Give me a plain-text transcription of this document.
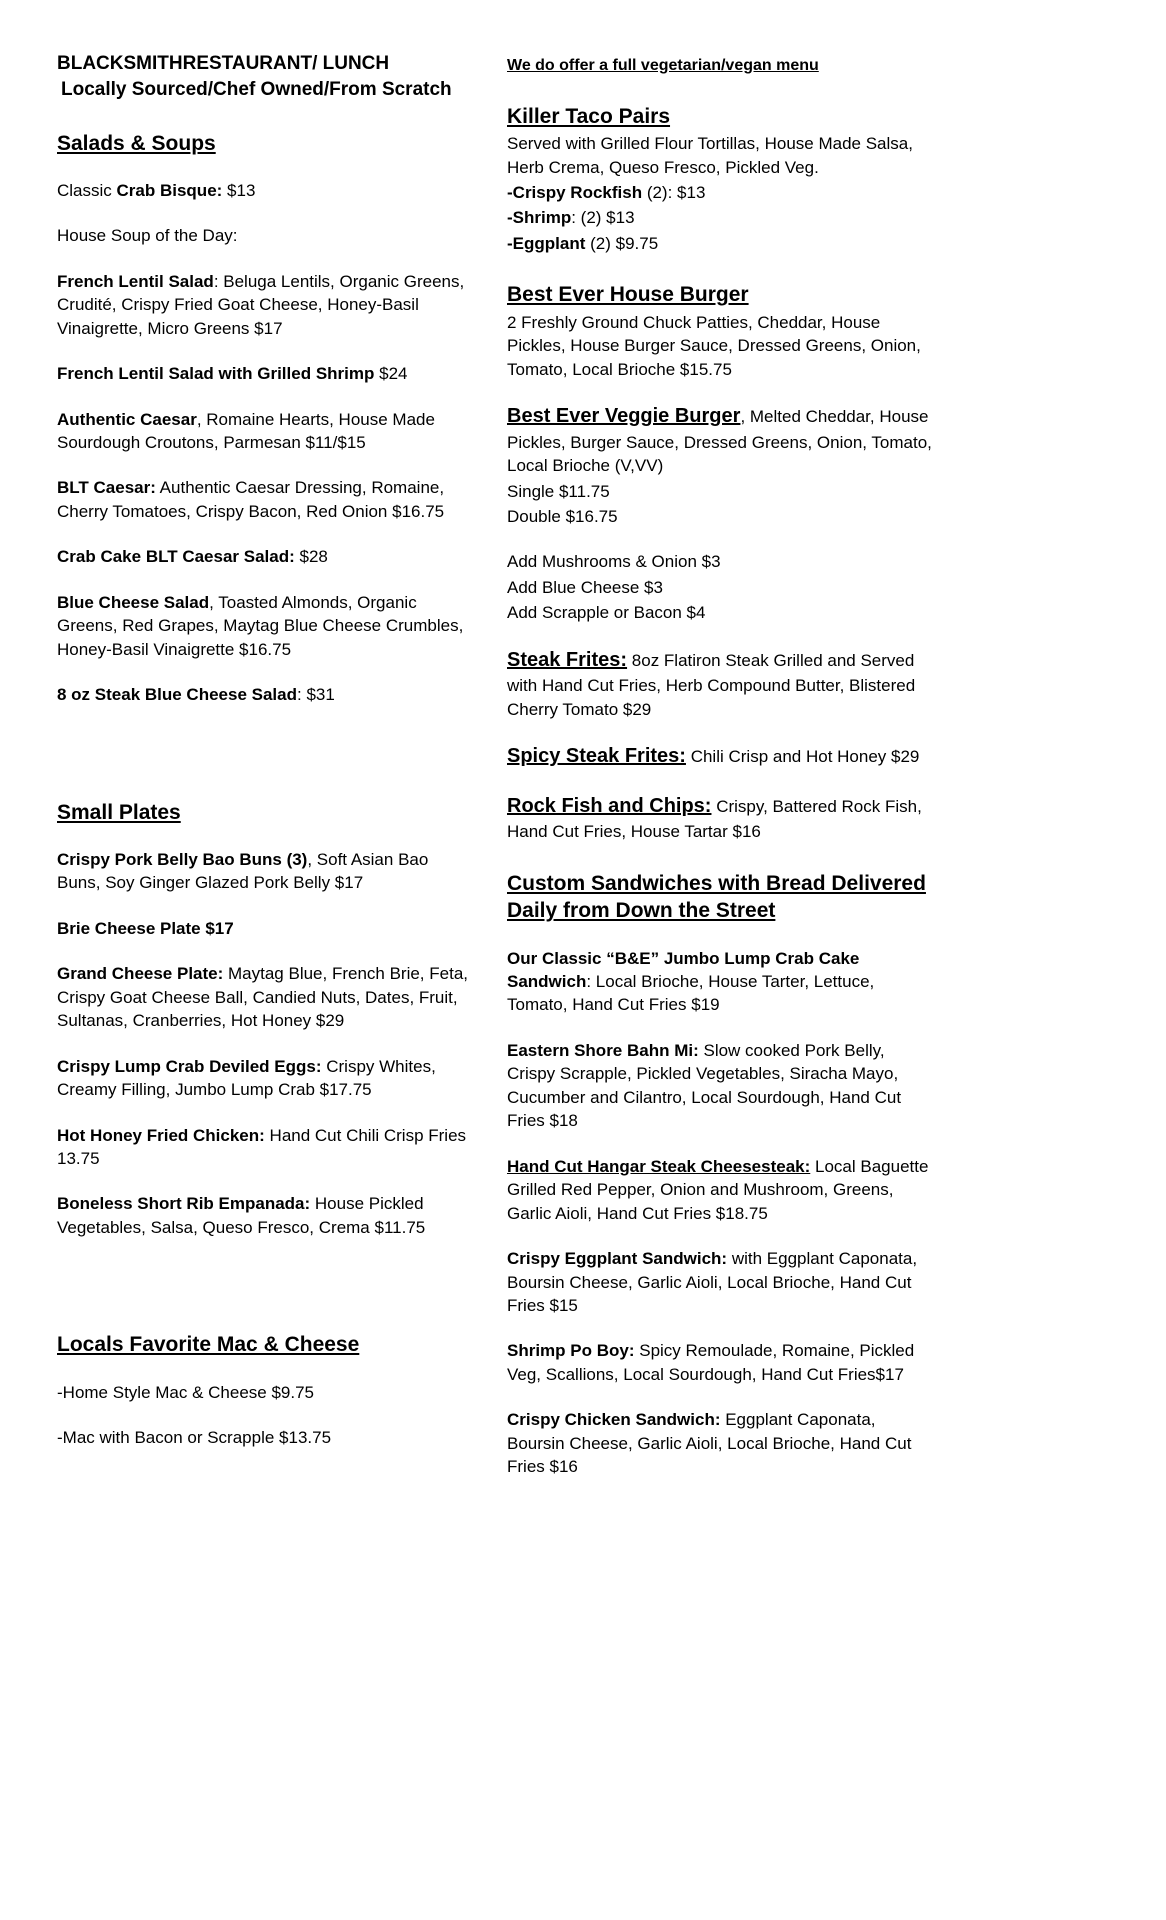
BLACKSMITHRESTAURANT/ LUNCH
Locally Sourced/Chef Owned/From Scratch
Salads & Soups

Classic Crab Bisque: $13

House Soup of the Day:

French Lentil Salad: Beluga Lentils, Organic Greens, Crudité, Crispy Fried Goat Cheese, Honey-Basil Vinaigrette, Micro Greens $17

French Lentil Salad with Grilled Shrimp $24

Authentic Caesar, Romaine Hearts, House Made Sourdough Croutons, Parmesan $11/$15

BLT Caesar: Authentic Caesar Dressing, Romaine, Cherry Tomatoes, Crispy Bacon, Red Onion $16.75

Crab Cake BLT Caesar Salad: $28

Blue Cheese Salad, Toasted Almonds, Organic Greens, Red Grapes, Maytag Blue Cheese Crumbles, Honey-Basil Vinaigrette $16.75

8 oz Steak Blue Cheese Salad: $31

Small Plates

Crispy Pork Belly Bao Buns (3), Soft Asian Bao Buns, Soy Ginger Glazed Pork Belly $17

Brie Cheese Plate $17

Grand Cheese Plate: Maytag Blue, French Brie, Feta, Crispy Goat Cheese Ball, Candied Nuts, Dates, Fruit, Sultanas, Cranberries, Hot Honey $29

Crispy Lump Crab Deviled Eggs: Crispy Whites, Creamy Filling, Jumbo Lump Crab $17.75

Hot Honey Fried Chicken: Hand Cut Chili Crisp Fries 13.75

Boneless Short Rib Empanada: House Pickled Vegetables, Salsa, Queso Fresco, Crema $11.75

Locals Favorite Mac & Cheese

-Home Style Mac & Cheese $9.75

-Mac with Bacon or Scrapple $13.75

We do offer a full vegetarian/vegan menu
Killer Taco Pairs

Served with Grilled Flour Tortillas, House Made Salsa, Herb Crema, Queso Fresco, Pickled Veg.

-Crispy Rockfish (2): $13

-Shrimp: (2) $13

-Eggplant (2) $9.75

Best Ever House Burger

2 Freshly Ground Chuck Patties, Cheddar, House Pickles, House Burger Sauce, Dressed Greens, Onion, Tomato, Local Brioche $15.75

Best Ever Veggie Burger, Melted Cheddar, House Pickles, Burger Sauce, Dressed Greens, Onion, Tomato, Local Brioche (V,VV)

Single $11.75

Double $16.75

Add Mushrooms & Onion $3

Add Blue Cheese $3

Add Scrapple or Bacon $4

Steak Frites: 8oz Flatiron Steak Grilled and Served with Hand Cut Fries, Herb Compound Butter, Blistered Cherry Tomato $29

Spicy Steak Frites: Chili Crisp and Hot Honey $29

Rock Fish and Chips: Crispy, Battered Rock Fish, Hand Cut Fries, House Tartar $16

Custom Sandwiches with Bread Delivered Daily from Down the Street

Our Classic “B&E” Jumbo Lump Crab Cake Sandwich: Local Brioche, House Tarter, Lettuce, Tomato, Hand Cut Fries $19

Eastern Shore Bahn Mi: Slow cooked Pork Belly, Crispy Scrapple, Pickled Vegetables, Siracha Mayo, Cucumber and Cilantro, Local Sourdough, Hand Cut Fries $18

Hand Cut Hangar Steak Cheesesteak: Local Baguette Grilled Red Pepper, Onion and Mushroom, Greens, Garlic Aioli, Hand Cut Fries $18.75

Crispy Eggplant Sandwich: with Eggplant Caponata, Boursin Cheese, Garlic Aioli, Local Brioche, Hand Cut Fries $15

Shrimp Po Boy: Spicy Remoulade, Romaine, Pickled Veg, Scallions, Local Sourdough, Hand Cut Fries$17

Crispy Chicken Sandwich: Eggplant Caponata, Boursin Cheese, Garlic Aioli, Local Brioche, Hand Cut Fries $16
